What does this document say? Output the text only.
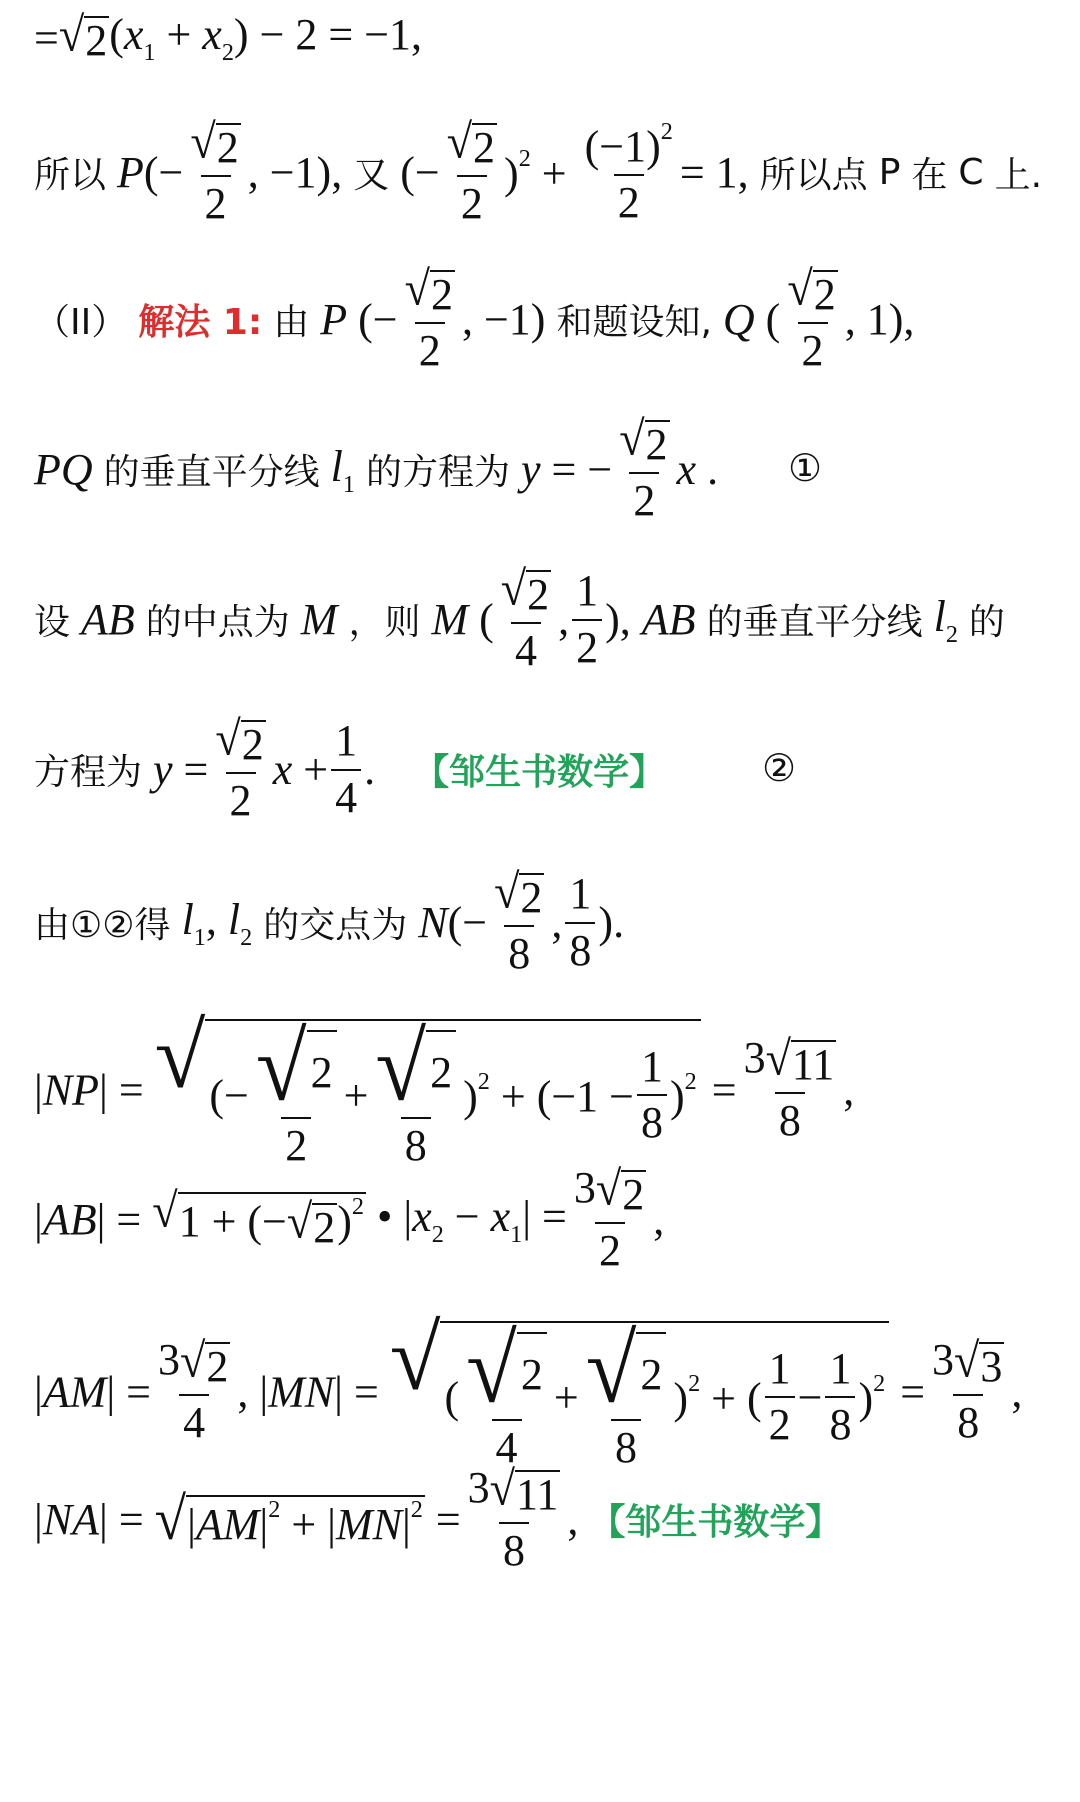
= √ 2 $(x_1 + x_2) - 2 = -1$,
所以 $P(- \frac{√ 2}{2}$ , −1), 又 (− $\frac{√ 2}{2} )^2 + \frac{(-1)^2}{2} = 1$, 所以点 P 在 C 上.
（II） 解法 1: 由 P (− $\frac{√ 2}{2}$ , −1) 和题设知, Q ( $\frac{√ 2}{2}$ , 1),
PQ 的垂直平分线 $l_1$ 的方程为 y = − $\frac{√ 2}{2}$ x . ①
设 AB 的中点为 M ，则 M ( $\frac{√ 2}{4}$ , $\frac{1}{2}$ ), AB 的垂直平分线 $l_2$ 的
方程为 $y = \frac{√ 2}{2}$ $x + \frac{1}{4}$ . 【邹生书数学】	②
由①②得 $l_1$, $l_2$ 的交点为 $N(- \frac{√ 2}{8}$ , $\frac{1}{8}$ ).
|NP| = √ (− $\frac{√ 2}{2} + \frac{√ 2}{8} )^2 + (-1 - \frac{1}{8} )^2 = \frac{3 √ 11}{8}$ ,
|AB| = √ 1 + (− √ 2 )$^2$ • $|x_2 - x_1| = \frac{3 √ 2}{2}$ ,
$|AM| = \frac{3 √ 2}{4}$ , |MN| = √ ( $\frac{√ 2}{4} + \frac{√ 2}{8} )^2$ + ( $\frac{1}{2} - \frac{1}{8} )^2 = \frac{3 √ 3}{8}$ ,
|NA| = √ $|AM|^2 + |MN|^2 = \frac{3 √ 11}{8}$ , 【邹生书数学】
